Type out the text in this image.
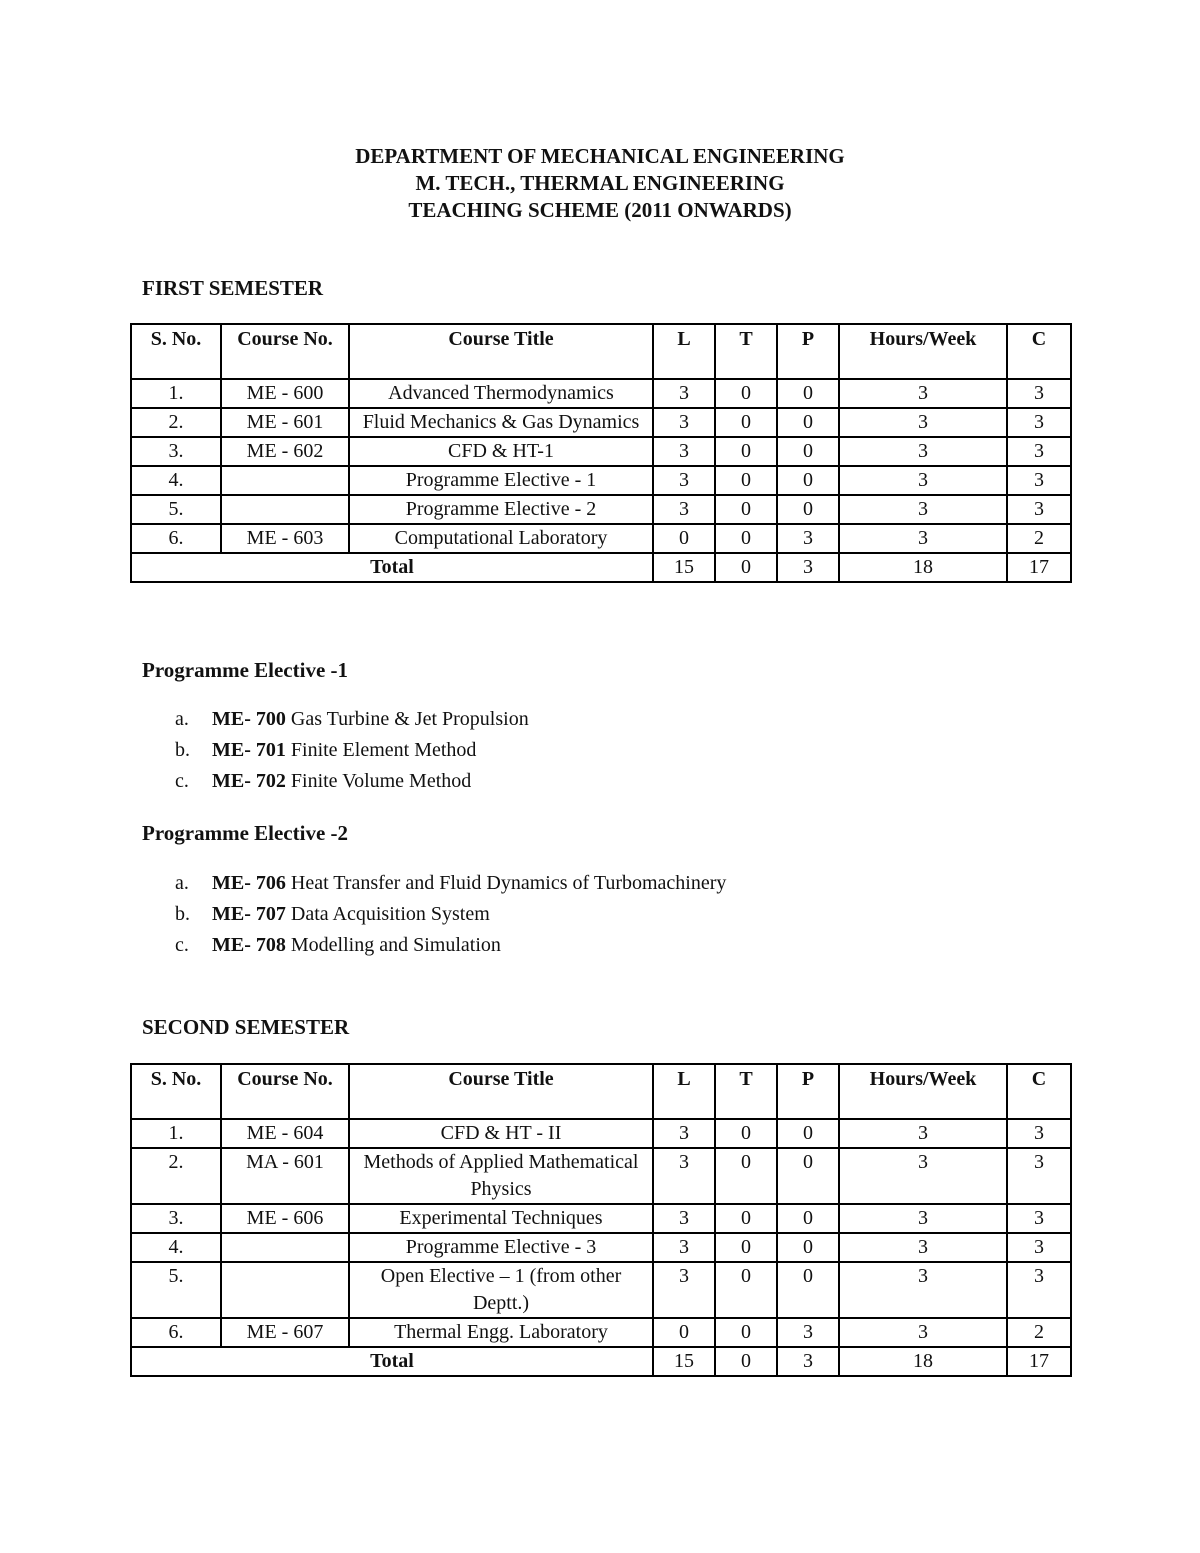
DEPARTMENT OF MECHANICAL ENGINEERING
M. TECH., THERMAL ENGINEERING
TEACHING SCHEME (2011 ONWARDS)
FIRST SEMESTER
S. No.	Course No.	Course Title	L	T	P	Hours/Week	C
1.	ME - 600	Advanced Thermodynamics	3	0	0	3	3
2.	ME - 601	Fluid Mechanics & Gas Dynamics	3	0	0	3	3
3.	ME - 602	CFD & HT-1	3	0	0	3	3
4.		Programme Elective - 1	3	0	0	3	3
5.		Programme Elective - 2	3	0	0	3	3
6.	ME - 603	Computational Laboratory	0	0	3	3	2
Total			15	0	3	18	17
Programme Elective -1
a.	ME- 700 Gas Turbine & Jet Propulsion
b.	ME- 701 Finite Element Method
c.	ME- 702 Finite Volume Method
Programme Elective -2
a.	ME- 706 Heat Transfer and Fluid Dynamics of Turbomachinery
b.	ME- 707 Data Acquisition System
c.	ME- 708 Modelling and Simulation
SECOND SEMESTER
S. No.	Course No.	Course Title	L	T	P	Hours/Week	C
1.	ME - 604	CFD & HT - II	3	0	0	3	3
2.	MA - 601	Methods of Applied Mathematical Physics	3	0	0	3	3
3.	ME - 606	Experimental Techniques	3	0	0	3	3
4.		Programme Elective - 3	3	0	0	3	3
5.		Open Elective – 1 (from other Deptt.)	3	0	0	3	3
6.	ME - 607	Thermal Engg. Laboratory	0	0	3	3	2
Total			15	0	3	18	17
